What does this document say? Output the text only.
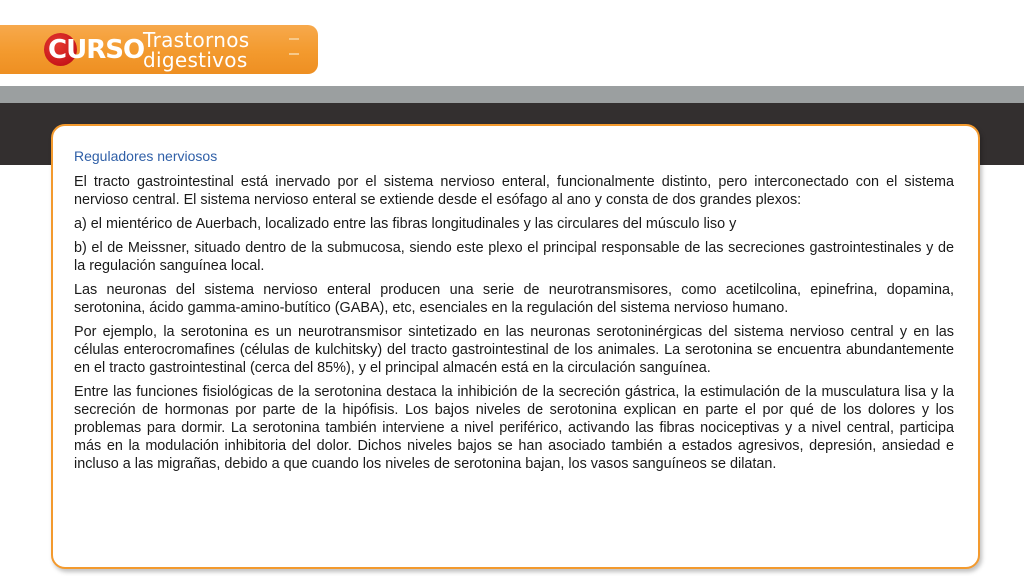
CURSO
Trastornos
digestivos

Reguladores nerviosos

El tracto gastrointestinal está inervado por el sistema nervioso enteral, funcionalmente distinto, pero interconectado con el sistema nervioso central. El sistema nervioso enteral se extiende desde el esófago al ano y consta de dos grandes plexos:

a) el mientérico de Auerbach, localizado entre las fibras longitudinales y las circulares del músculo liso y

b) el de Meissner, situado dentro de la submucosa, siendo este plexo el principal responsable de las secreciones gastrointestinales y de la regulación sanguínea local.

Las neuronas del sistema nervioso enteral producen una serie de neurotransmisores, como acetilcolina, epinefrina, dopamina, serotonina, ácido gamma-amino-butítico (GABA), etc, esenciales en la regulación del sistema nervioso humano.

Por ejemplo, la serotonina es un neurotransmisor sintetizado en las neuronas serotoninérgicas del sistema nervioso central y en las células enterocromafines (células de kulchitsky) del tracto gastrointestinal de los animales. La serotonina se encuentra abundantemente en el tracto gastrointestinal (cerca del 85%), y el principal almacén está en la circulación sanguínea.

Entre las funciones fisiológicas de la serotonina destaca la inhibición de la secreción gástrica, la estimulación de la musculatura lisa y la secreción de hormonas por parte de la hipófisis. Los bajos niveles de serotonina explican en parte el por qué de los dolores y los problemas para dormir. La serotonina también interviene a nivel periférico, activando las fibras nociceptivas y a nivel central, participa más en la modulación inhibitoria del dolor. Dichos niveles bajos se han asociado también a estados agresivos, depresión, ansiedad e incluso a las migrañas, debido a que cuando los niveles de serotonina bajan, los vasos sanguíneos se dilatan.
